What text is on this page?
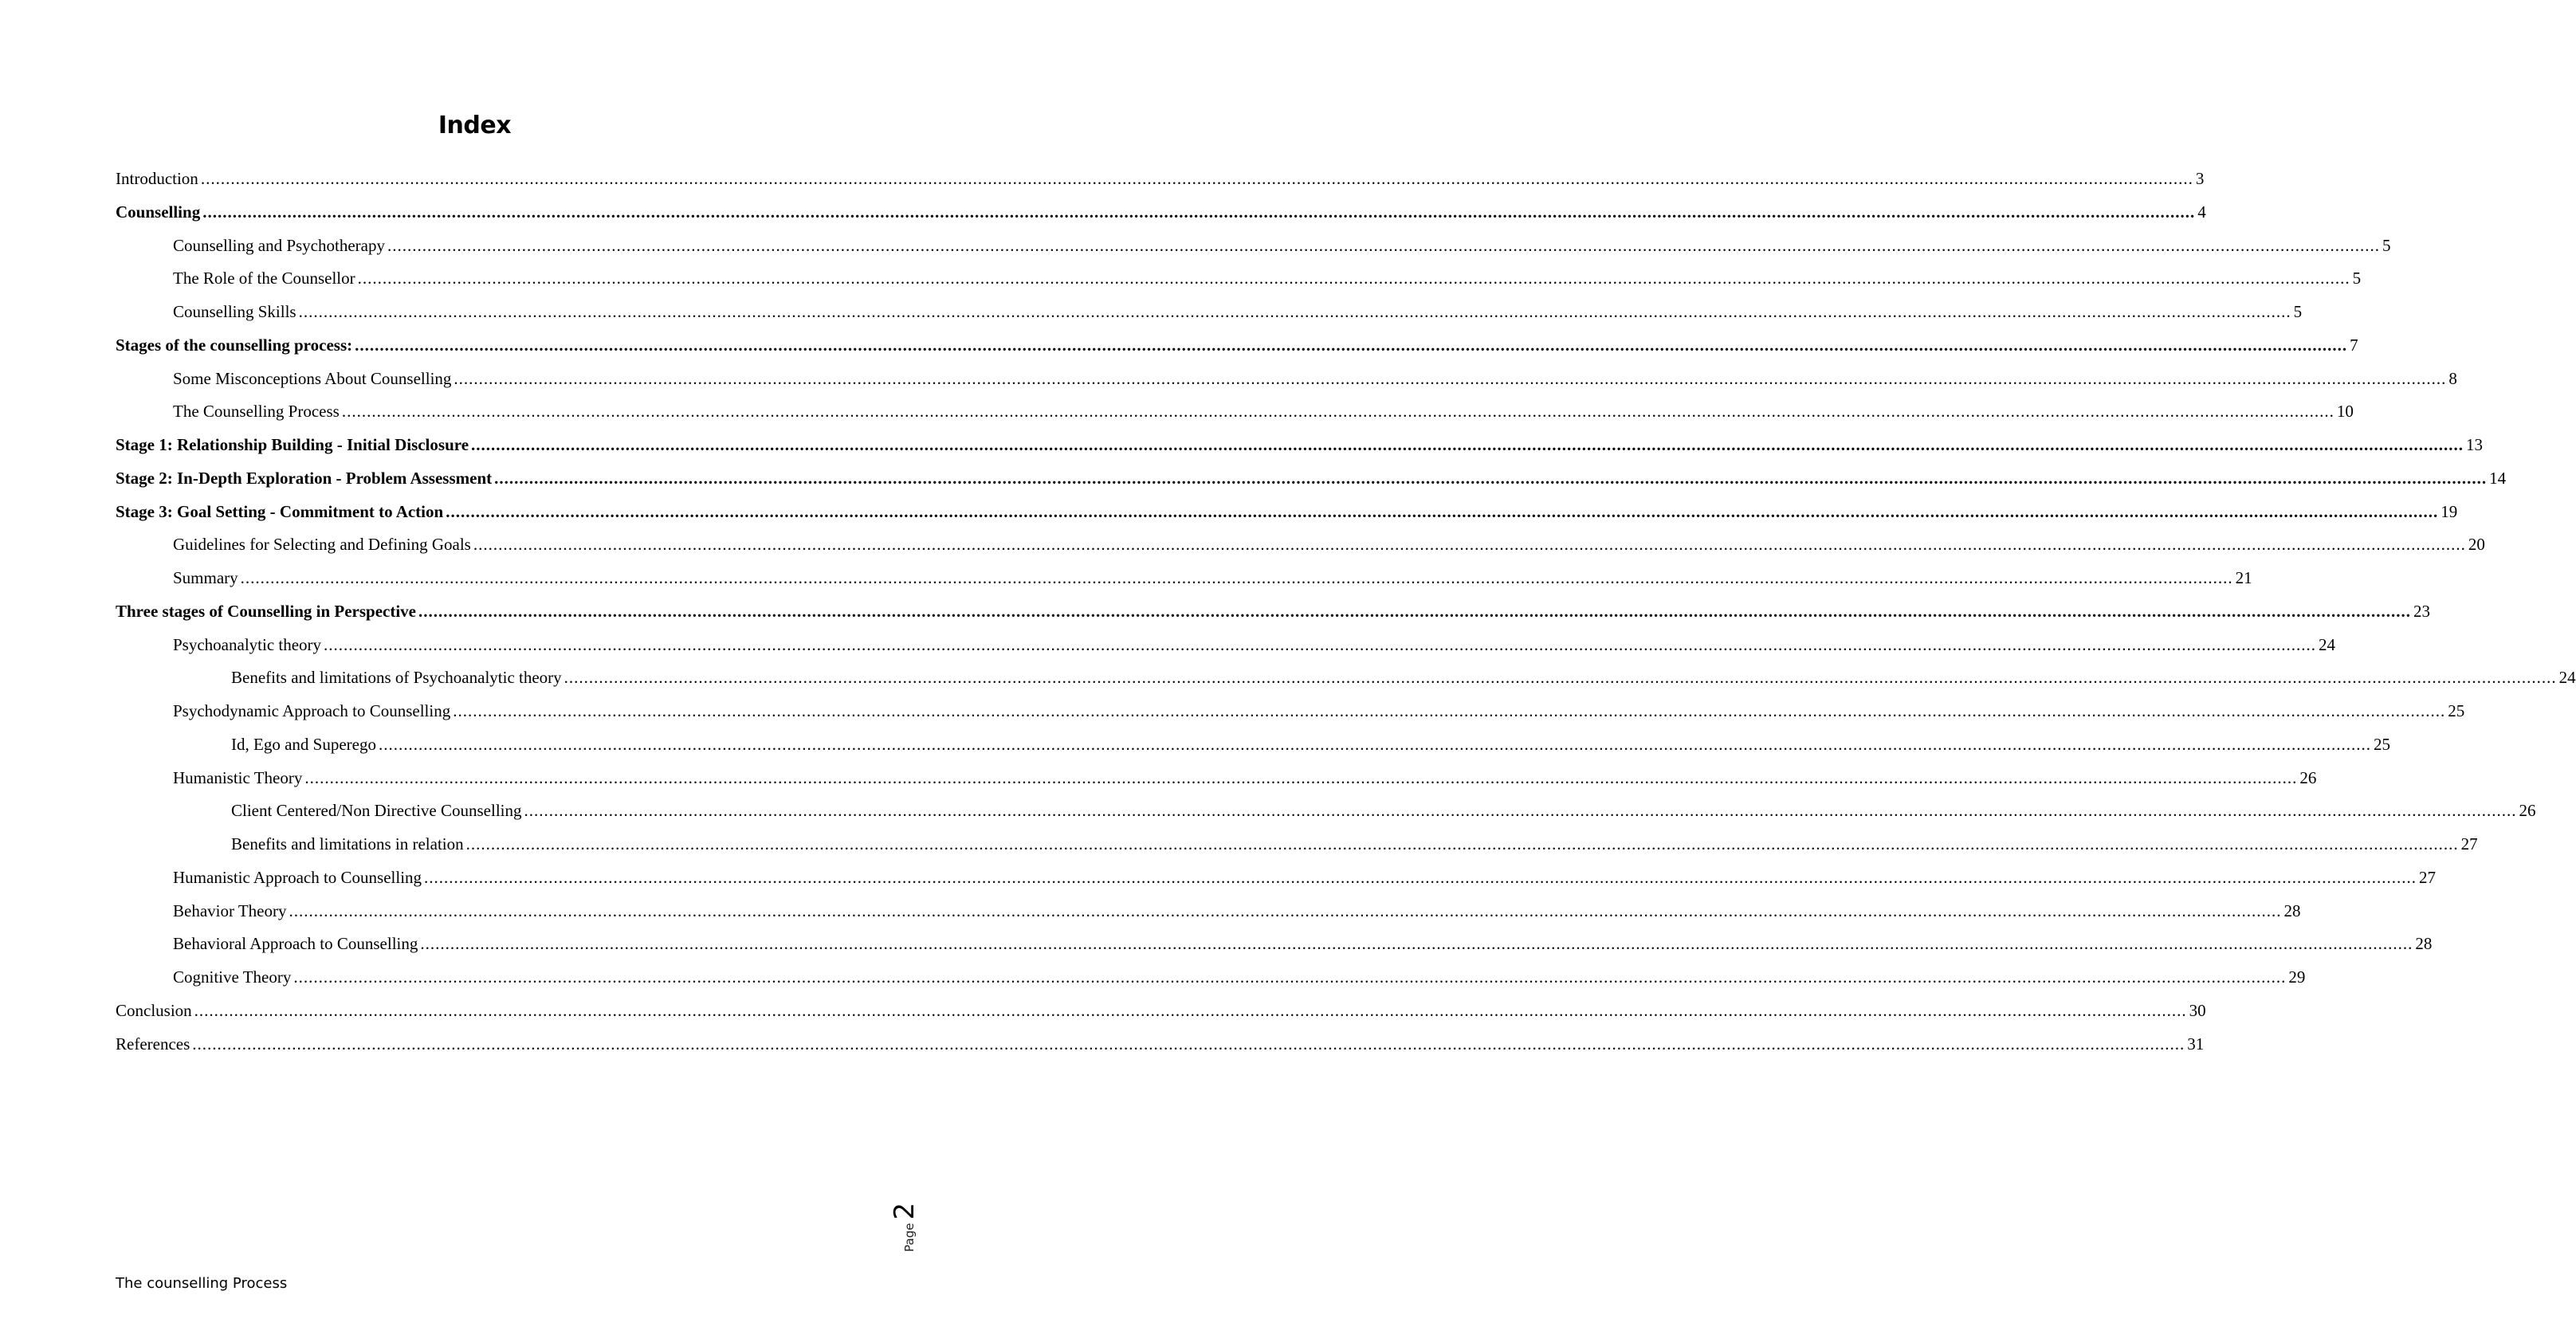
Index
Introduction ................................................................................................................................................................................................................................................................................................................................................................................................................ 3
Counselling ................................................................................................................................................................................................................................................................................................................................................................................................................ 4
Counselling and Psychotherapy ................................................................................................................................................................................................................................................................................................................................................................................................................ 5
The Role of the Counsellor ................................................................................................................................................................................................................................................................................................................................................................................................................ 5
Counselling Skills ................................................................................................................................................................................................................................................................................................................................................................................................................ 5
Stages of the counselling process: ................................................................................................................................................................................................................................................................................................................................................................................................................ 7
Some Misconceptions About Counselling ................................................................................................................................................................................................................................................................................................................................................................................................................ 8
The Counselling Process ................................................................................................................................................................................................................................................................................................................................................................................................................ 10
Stage 1: Relationship Building - Initial Disclosure ................................................................................................................................................................................................................................................................................................................................................................................................................ 13
Stage 2: In-Depth Exploration - Problem Assessment ................................................................................................................................................................................................................................................................................................................................................................................................................ 14
Stage 3: Goal Setting - Commitment to Action ................................................................................................................................................................................................................................................................................................................................................................................................................ 19
Guidelines for Selecting and Defining Goals ................................................................................................................................................................................................................................................................................................................................................................................................................ 20
Summary ................................................................................................................................................................................................................................................................................................................................................................................................................ 21
Three stages of Counselling in Perspective ................................................................................................................................................................................................................................................................................................................................................................................................................ 23
Psychoanalytic theory ................................................................................................................................................................................................................................................................................................................................................................................................................ 24
Benefits and limitations of Psychoanalytic theory ................................................................................................................................................................................................................................................................................................................................................................................................................ 24
Psychodynamic Approach to Counselling ................................................................................................................................................................................................................................................................................................................................................................................................................ 25
Id, Ego and Superego ................................................................................................................................................................................................................................................................................................................................................................................................................ 25
Humanistic Theory ................................................................................................................................................................................................................................................................................................................................................................................................................ 26
Client Centered/Non Directive Counselling ................................................................................................................................................................................................................................................................................................................................................................................................................ 26
Benefits and limitations in relation ................................................................................................................................................................................................................................................................................................................................................................................................................ 27
Humanistic Approach to Counselling ................................................................................................................................................................................................................................................................................................................................................................................................................ 27
Behavior Theory ................................................................................................................................................................................................................................................................................................................................................................................................................ 28
Behavioral Approach to Counselling ................................................................................................................................................................................................................................................................................................................................................................................................................ 28
Cognitive Theory ................................................................................................................................................................................................................................................................................................................................................................................................................ 29
Conclusion ................................................................................................................................................................................................................................................................................................................................................................................................................ 30
References ................................................................................................................................................................................................................................................................................................................................................................................................................ 31
The counselling Process
Page
2
